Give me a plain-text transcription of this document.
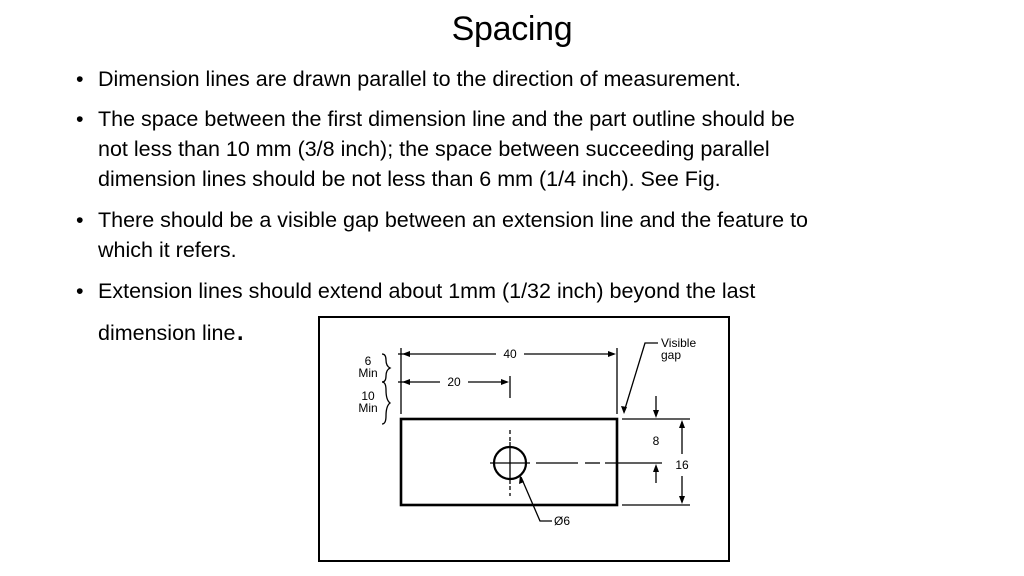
Spacing
• Dimension lines are drawn parallel to the direction of measurement.
• The space between the first dimension line and the part outline should be
not less than 10 mm (3/8 inch); the space between succeeding parallel
dimension lines should be not less than 6 mm (1/4 inch). See Fig.
• There should be a visible gap between an extension line and the feature to
which it refers.
• Extension lines should extend about 1mm (1/32 inch) beyond the last
dimension line.
40
20
8
16
Ø6
Visible
gap
6
Min
10
Min
